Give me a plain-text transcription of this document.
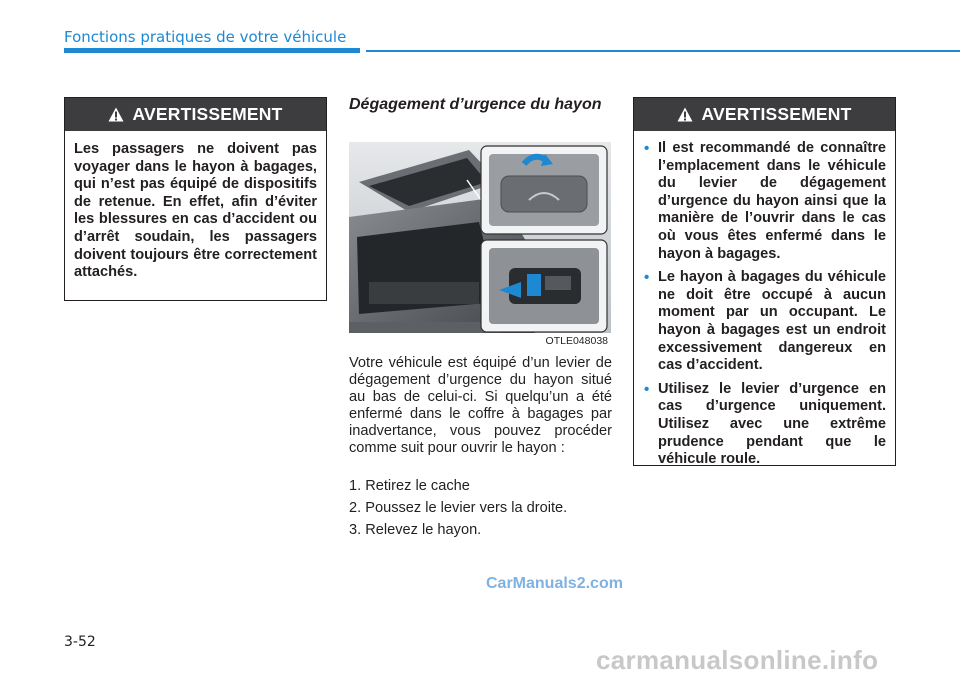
Fonctions pratiques de votre véhicule
AVERTISSEMENT
Les passagers ne doivent pas voyager dans le hayon à bagages, qui n’est pas équipé de dispositifs de retenue. En effet, afin d’éviter les blessures en cas d’accident ou d’arrêt soudain, les passagers doivent toujours être correctement attachés.
Dégagement d’urgence du hayon
OTLE048038

Votre véhicule est équipé d’un levier de dégagement d’urgence du hayon situé au bas de celui-ci. Si quelqu’un a été enfermé dans le coffre à bagages par inadvertance, vous pouvez procéder comme suit pour ouvrir le hayon :

1. Retirez le cache
2. Poussez le levier vers la droite.
3. Relevez le hayon.
AVERTISSEMENT
• Il est recommandé de connaître l’emplacement dans le véhicule du levier de dégagement d’urgence du hayon ainsi que la manière de l’ouvrir dans le cas où vous êtes enfermé dans le hayon à bagages.
• Le hayon à bagages du véhicule ne doit être occupé à aucun moment par un occupant. Le hayon à bagages est un endroit excessivement dangereux en cas d’accident.
• Utilisez le levier d’urgence en cas d’urgence uniquement. Utilisez avec une extrême prudence pendant que le véhicule roule.
CarManuals2.com
3-52
carmanualsonline.info
